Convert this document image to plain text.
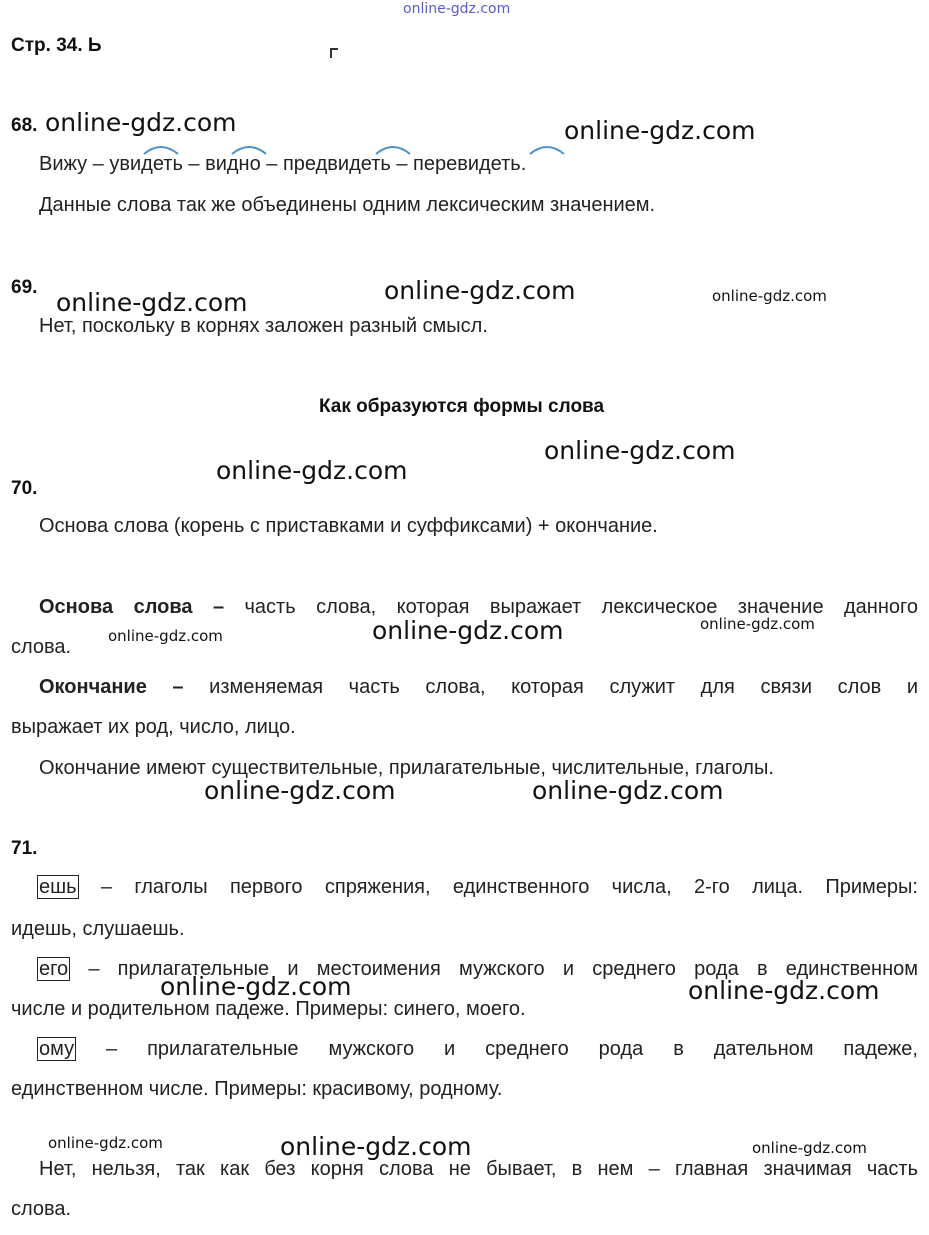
online-gdz.com
Стр. 34. Ь
68.
Вижу – увидеть – видно – предвидеть – перевидеть.
Данные слова так же объединены одним лексическим значением.
69.
Нет, поскольку в корнях заложен разный смысл.
Как образуются формы слова
70.
Основа слова (корень с приставками и суффиксами) + окончание.
Основа слова – часть слова, которая выражает лексическое значение данного
слова.
Окончание – изменяемая часть слова, которая служит для связи слов и
выражает их род, число, лицо.
Окончание имеют существительные, прилагательные, числительные, глаголы.
71.
ешь – глаголы первого спряжения, единственного числа, 2-го лица. Примеры:
идешь, слушаешь.
его – прилагательные и местоимения мужского и среднего рода в единственном
числе и родительном падеже. Примеры: синего, моего.
ому – прилагательные мужского и среднего рода в дательном падеже,
единственном числе. Примеры: красивому, родному.
Нет, нельзя, так как без корня слова не бывает, в нем – главная значимая часть
слова.
online-gdz.com	online-gdz.com
online-gdz.com	online-gdz.com	online-gdz.com
online-gdz.com
online-gdz.com
online-gdz.com	online-gdz.com	online-gdz.com
online-gdz.com	online-gdz.com
online-gdz.com	online-gdz.com
online-gdz.com	online-gdz.com	online-gdz.com
